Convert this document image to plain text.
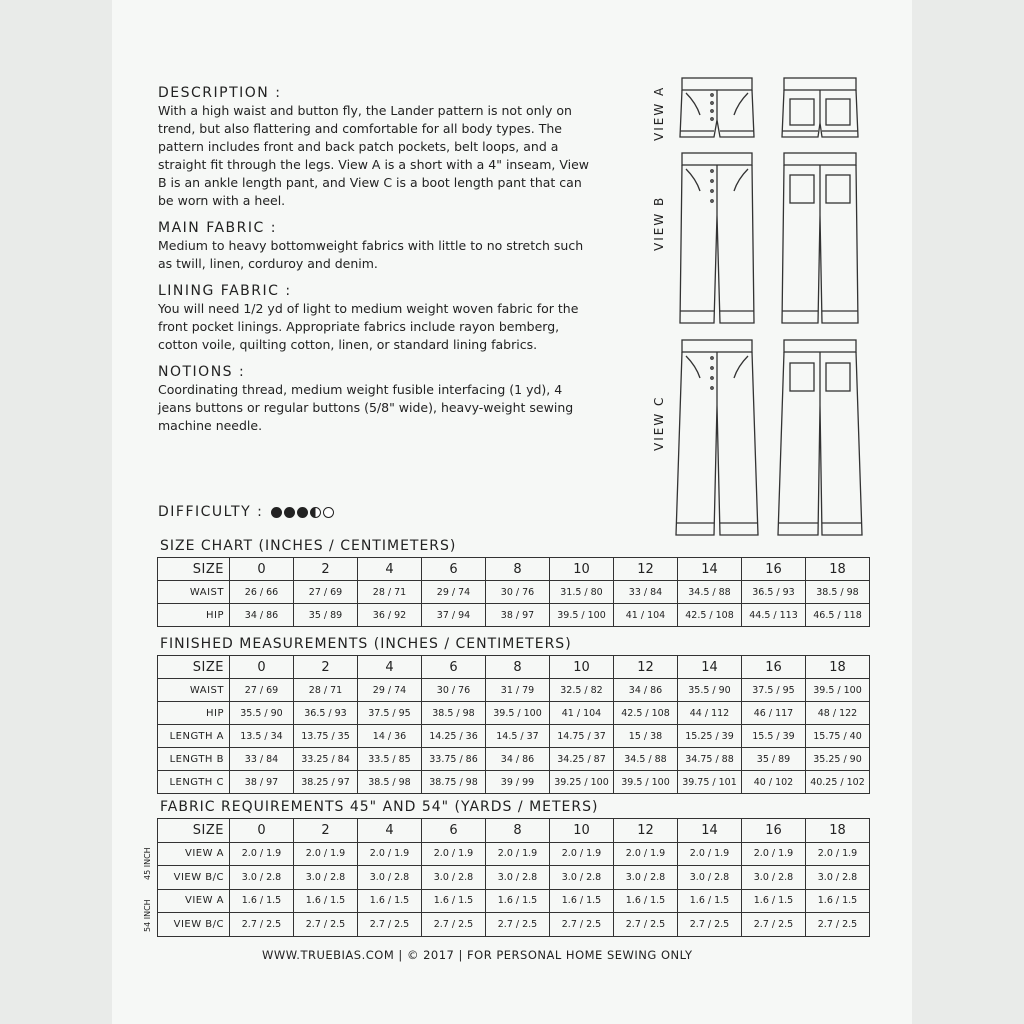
DESCRIPTION :

With a high waist and button fly, the Lander pattern is not only on trend, but also flattering and comfortable for all body types. The pattern includes front and back patch pockets, belt loops, and a straight fit through the legs. View A is a short with a 4" inseam, View B is an ankle length pant, and View C is a boot length pant that can be worn with a heel.

MAIN FABRIC :

Medium to heavy bottomweight fabrics with little to no stretch such as twill, linen, corduroy and denim.

LINING FABRIC :

You will need 1/2 yd of light to medium weight woven fabric for the front pocket linings. Appropriate fabrics include rayon bemberg, cotton voile, quilting cotton, linen, or standard lining fabrics.

NOTIONS :

Coordinating thread, medium weight fusible interfacing (1 yd), 4 jeans buttons or regular buttons (5/8" wide), heavy-weight sewing machine needle.

DIFFICULTY :
VIEW A
VIEW B
VIEW C
SIZE CHART (INCHES / CENTIMETERS)
SIZE	0	2	4	6	8	10	12	14	16	18
WAIST	26 / 66	27 / 69	28 / 71	29 / 74	30 / 76	31.5 / 80	33 / 84	34.5 / 88	36.5 / 93	38.5 / 98
HIP	34 / 86	35 / 89	36 / 92	37 / 94	38 / 97	39.5 / 100	41 / 104	42.5 / 108	44.5 / 113	46.5 / 118
FINISHED MEASUREMENTS (INCHES / CENTIMETERS)
SIZE	0	2	4	6	8	10	12	14	16	18
WAIST	27 / 69	28 / 71	29 / 74	30 / 76	31 / 79	32.5 / 82	34 / 86	35.5 / 90	37.5 / 95	39.5 / 100
HIP	35.5 / 90	36.5 / 93	37.5 / 95	38.5 / 98	39.5 / 100	41 / 104	42.5 / 108	44 / 112	46 / 117	48 / 122
LENGTH A	13.5 / 34	13.75 / 35	14 / 36	14.25 / 36	14.5 / 37	14.75 / 37	15 / 38	15.25 / 39	15.5 / 39	15.75 / 40
LENGTH B	33 / 84	33.25 / 84	33.5 / 85	33.75 / 86	34 / 86	34.25 / 87	34.5 / 88	34.75 / 88	35 / 89	35.25 / 90
LENGTH C	38 / 97	38.25 / 97	38.5 / 98	38.75 / 98	39 / 99	39.25 / 100	39.5 / 100	39.75 / 101	40 / 102	40.25 / 102
FABRIC REQUIREMENTS 45" AND 54" (YARDS / METERS)
45 INCH
54 INCH
SIZE	0	2	4	6	8	10	12	14	16	18
VIEW A	2.0 / 1.9	2.0 / 1.9	2.0 / 1.9	2.0 / 1.9	2.0 / 1.9	2.0 / 1.9	2.0 / 1.9	2.0 / 1.9	2.0 / 1.9	2.0 / 1.9
VIEW B/C	3.0 / 2.8	3.0 / 2.8	3.0 / 2.8	3.0 / 2.8	3.0 / 2.8	3.0 / 2.8	3.0 / 2.8	3.0 / 2.8	3.0 / 2.8	3.0 / 2.8
VIEW A	1.6 / 1.5	1.6 / 1.5	1.6 / 1.5	1.6 / 1.5	1.6 / 1.5	1.6 / 1.5	1.6 / 1.5	1.6 / 1.5	1.6 / 1.5	1.6 / 1.5
VIEW B/C	2.7 / 2.5	2.7 / 2.5	2.7 / 2.5	2.7 / 2.5	2.7 / 2.5	2.7 / 2.5	2.7 / 2.5	2.7 / 2.5	2.7 / 2.5	2.7 / 2.5
WWW.TRUEBIAS.COM | © 2017 | FOR PERSONAL HOME SEWING ONLY
